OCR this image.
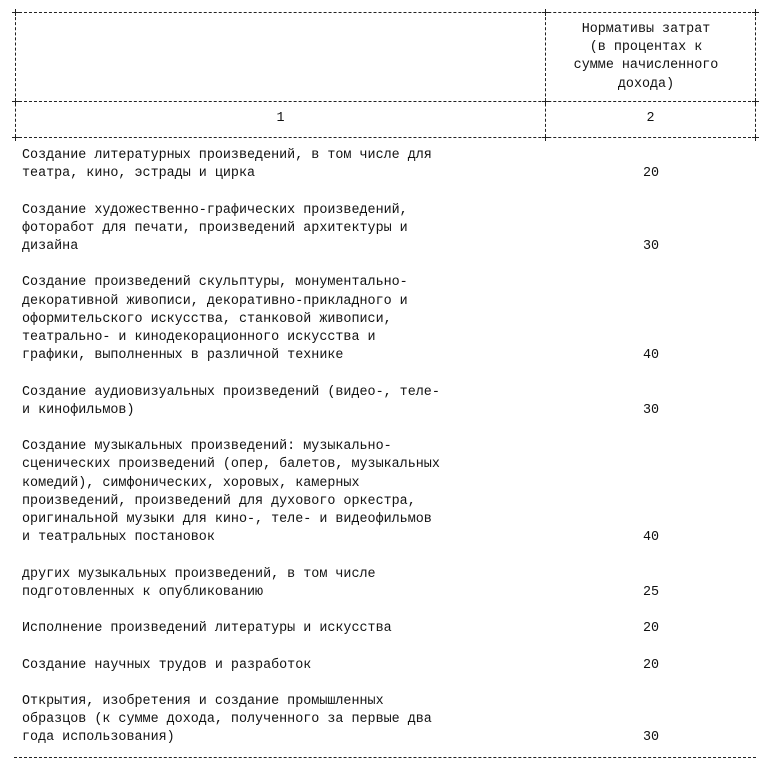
Нормативы затрат
(в процентах к
сумме начисленного
дохода)
1	2
Создание литературных произведений, в том числе для
театра, кино, эстрады и цирка	20
Создание художественно-графических произведений,
фоторабот для печати, произведений архитектуры и
дизайна	30
Создание произведений скульптуры, монументально-
декоративной живописи, декоративно-прикладного и
оформительского искусства, станковой живописи,
театрально- и кинодекорационного искусства и
графики, выполненных в различной технике	40
Создание аудиовизуальных произведений (видео-, теле-
и кинофильмов)	30
Создание музыкальных произведений: музыкально-
сценических произведений (опер, балетов, музыкальных
комедий), симфонических, хоровых, камерных
произведений, произведений для духового оркестра,
оригинальной музыки для кино-, теле- и видеофильмов
и театральных постановок	40
других музыкальных произведений, в том числе
подготовленных к опубликованию	25
Исполнение произведений литературы и искусства	20
Создание научных трудов и разработок	20
Открытия, изобретения и создание промышленных
образцов (к сумме дохода, полученного за первые два
года использования)	30
